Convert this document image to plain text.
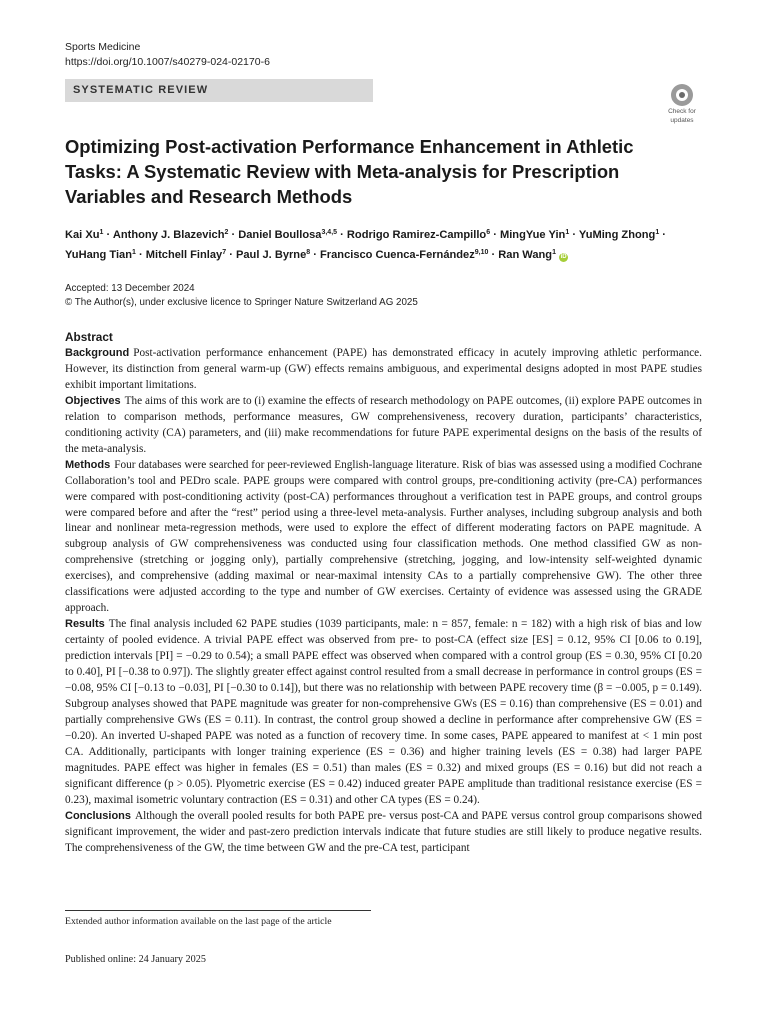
Sports Medicine
https://doi.org/10.1007/s40279-024-02170-6
SYSTEMATIC REVIEW
Check for
updates
Optimizing Post-activation Performance Enhancement in Athletic
Tasks: A Systematic Review with Meta-analysis for Prescription
Variables and Research Methods
Kai $Xu^1$ · Anthony J. Blazevich$^2$ · Daniel Boullosa$^{3,4,5}$ · Rodrigo Ramirez-Campillo$^6$ · MingYue Yin$^1$ · YuMing Zhong$^1$ ·
YuHang Tian$^1$ · Mitchell Finlay$^7$ · Paul J. Byrne$^8$ · Francisco Cuenca-Fernández$^{9,10}$ · Ran Wang$^1$ iD
Accepted: 13 December 2024
© The Author(s), under exclusive licence to Springer Nature Switzerland AG 2025
Abstract

Background Post-activation performance enhancement (PAPE) has demonstrated efficacy in acutely improving athletic performance. However, its distinction from general warm-up (GW) effects remains ambiguous, and experimental designs adopted in most PAPE studies exhibit important limitations.

Objectives The aims of this work are to (i) examine the effects of research methodology on PAPE outcomes, (ii) explore PAPE outcomes in relation to comparison methods, performance measures, GW comprehensiveness, recovery duration, participants’ characteristics, conditioning activity (CA) parameters, and (iii) make recommendations for future PAPE experimental designs on the basis of the results of the meta-analysis.

Methods Four databases were searched for peer-reviewed English-language literature. Risk of bias was assessed using a modified Cochrane Collaboration’s tool and PEDro scale. PAPE groups were compared with control groups, pre-conditioning activity (pre-CA) performances were compared with post-conditioning activity (post-CA) performances throughout a verification test in PAPE groups, and control groups were compared before and after the “rest” period using a three-level meta-analysis. Further analyses, including subgroup analysis and both linear and nonlinear meta-regression methods, were used to explore the effect of different moderating factors on PAPE magnitude. A subgroup analysis of GW comprehensiveness was conducted using four classification methods. One method classified GW as non-comprehensive (stretching or jogging only), partially comprehensive (stretching, jogging, and low-intensity self-weighted dynamic exercises), and comprehensive (adding maximal or near-maximal intensity CAs to a partially comprehensive GW). The other three classifications were adjusted according to the type and number of GW exercises. Certainty of evidence was assessed using the GRADE approach.

Results The final analysis included 62 PAPE studies (1039 participants, male: n = 857, female: n = 182) with a high risk of bias and low certainty of pooled evidence. A trivial PAPE effect was observed from pre- to post-CA (effect size [ES] = 0.12, 95% CI [0.06 to 0.19], prediction intervals [PI] = −0.29 to 0.54); a small PAPE effect was observed when compared with a control group (ES = 0.30, 95% CI [0.20 to 0.40], PI [−0.38 to 0.97]). The slightly greater effect against control resulted from a small decrease in performance in control groups (ES = −0.08, 95% CI [−0.13 to −0.03], PI [−0.30 to 0.14]), but there was no relationship with between PAPE recovery time (β = −0.005, p = 0.149). Subgroup analyses showed that PAPE magnitude was greater for non-comprehensive GWs (ES = 0.16) than comprehensive (ES = 0.01) and partially comprehensive GWs (ES = 0.11). In contrast, the control group showed a decline in performance after comprehensive GW (ES = −0.20). An inverted U-shaped PAPE was noted as a function of recovery time. In some cases, PAPE appeared to manifest at < 1 min post CA. Additionally, participants with longer training experience (ES = 0.36) and higher training levels (ES = 0.38) had larger PAPE magnitudes. PAPE effect was higher in females (ES = 0.51) than males (ES = 0.32) and mixed groups (ES = 0.16) but did not reach a significant difference (p > 0.05). Plyometric exercise (ES = 0.42) induced greater PAPE amplitude than traditional resistance exercise (ES = 0.23), maximal isometric voluntary contraction (ES = 0.31) and other CA types (ES = 0.24).

Conclusions Although the overall pooled results for both PAPE pre- versus post-CA and PAPE versus control group comparisons showed significant improvement, the wider and past-zero prediction intervals indicate that future studies are still likely to produce negative results. The comprehensiveness of the GW, the time between GW and the pre-CA test, participant

Extended author information available on the last page of the article
Published online: 24 January 2025
